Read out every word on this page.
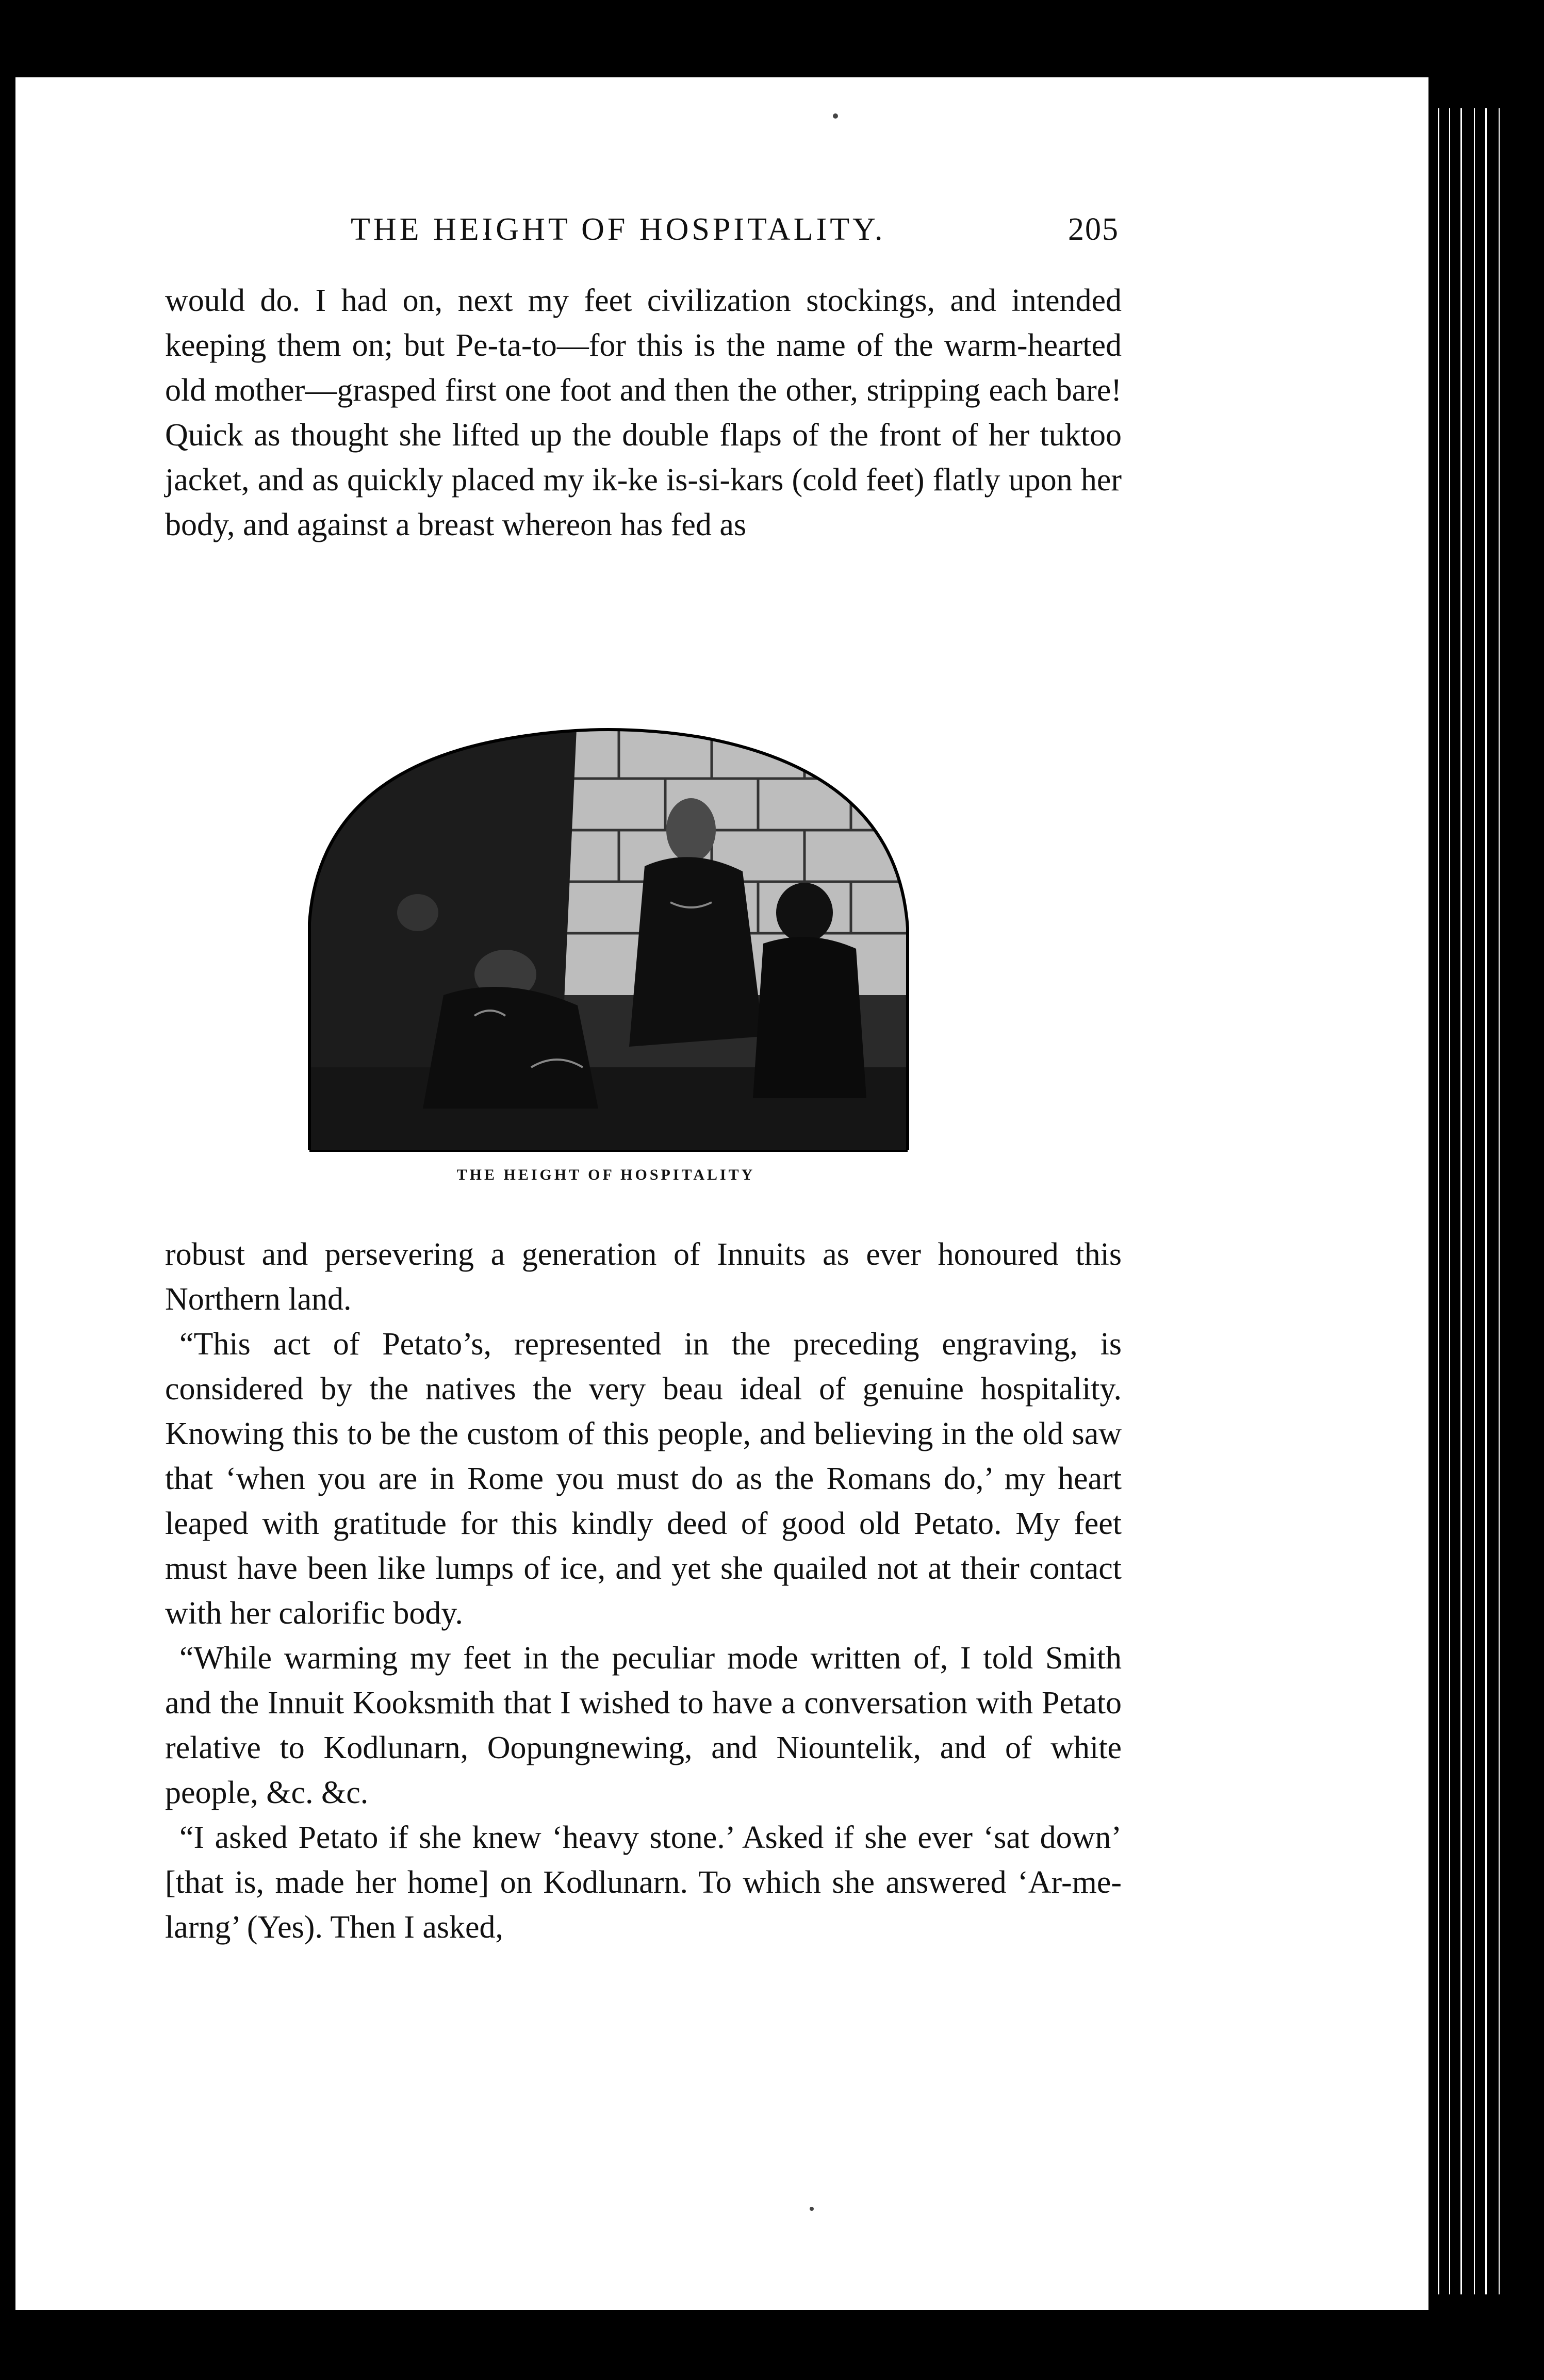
THE HEIGHT OF HOSPITALITY.	205

would do. I had on, next my feet civilization stockings, and intended keeping them on; but Pe-ta-to—for this is the name of the warm-hearted old mother—grasped first one foot and then the other, stripping each bare! Quick as thought she lifted up the double flaps of the front of her tuktoo jacket, and as quickly placed my ik-ke is-si-kars (cold feet) flatly upon her body, and against a breast whereon has fed as

THE HEIGHT OF HOSPITALITY

robust and persevering a generation of Innuits as ever honoured this Northern land.

“This act of Petato’s, represented in the preceding engraving, is considered by the natives the very beau ideal of genuine hospitality. Knowing this to be the custom of this people, and believing in the old saw that ‘when you are in Rome you must do as the Romans do,’ my heart leaped with gratitude for this kindly deed of good old Petato. My feet must have been like lumps of ice, and yet she quailed not at their contact with her calorific body.

“While warming my feet in the peculiar mode written of, I told Smith and the Innuit Kooksmith that I wished to have a conversation with Petato relative to Kodlunarn, Oopungnewing, and Niountelik, and of white people, &c. &c.

“I asked Petato if she knew ‘heavy stone.’ Asked if she ever ‘sat down’ [that is, made her home] on Kodlunarn. To which she answered ‘Ar-me-larng’ (Yes). Then I asked,
